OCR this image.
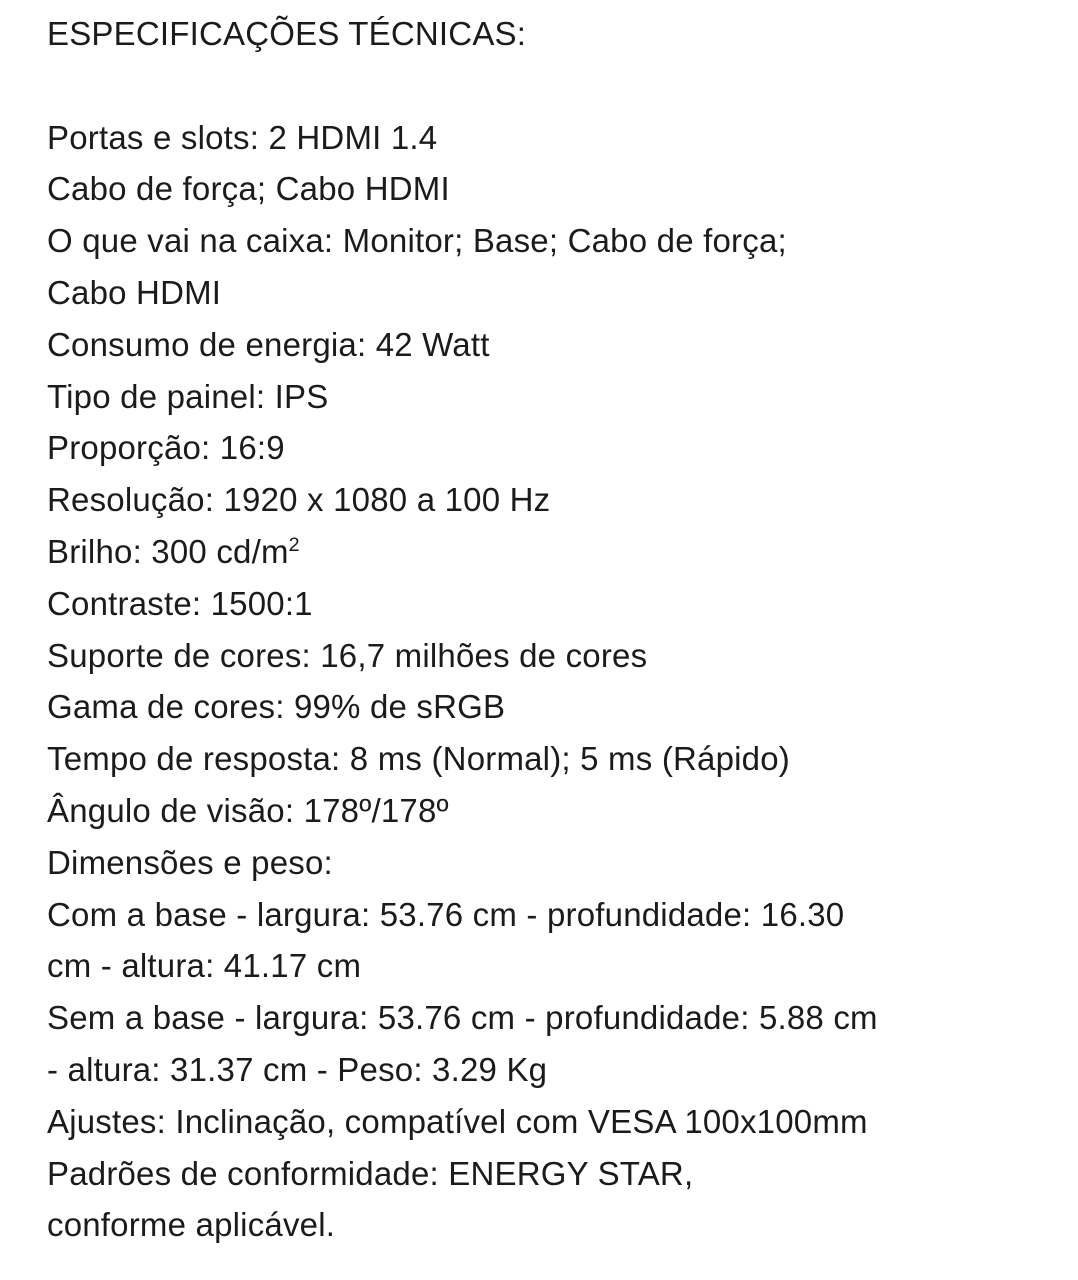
ESPECIFICAÇÕES TÉCNICAS:

Portas e slots: 2 HDMI 1.4

Cabo de força; Cabo HDMI

O que vai na caixa: Monitor; Base; Cabo de força;

Cabo HDMI

Consumo de energia: 42 Watt

Tipo de painel: IPS

Proporção: 16:9

Resolução: 1920 x 1080 a 100 Hz

Brilho: 300 $cd/m^2$

Contraste: 1500:1

Suporte de cores: 16,7 milhões de cores

Gama de cores: 99% de sRGB

Tempo de resposta: 8 ms (Normal); 5 ms (Rápido)

Ângulo de visão: 178º/178º

Dimensões e peso:

Com a base - largura: 53.76 cm - profundidade: 16.30

cm - altura: 41.17 cm

Sem a base - largura: 53.76 cm - profundidade: 5.88 cm

- altura: 31.37 cm - Peso: 3.29 Kg

Ajustes: Inclinação, compatível com VESA 100x100mm

Padrões de conformidade: ENERGY STAR,

conforme aplicável.
